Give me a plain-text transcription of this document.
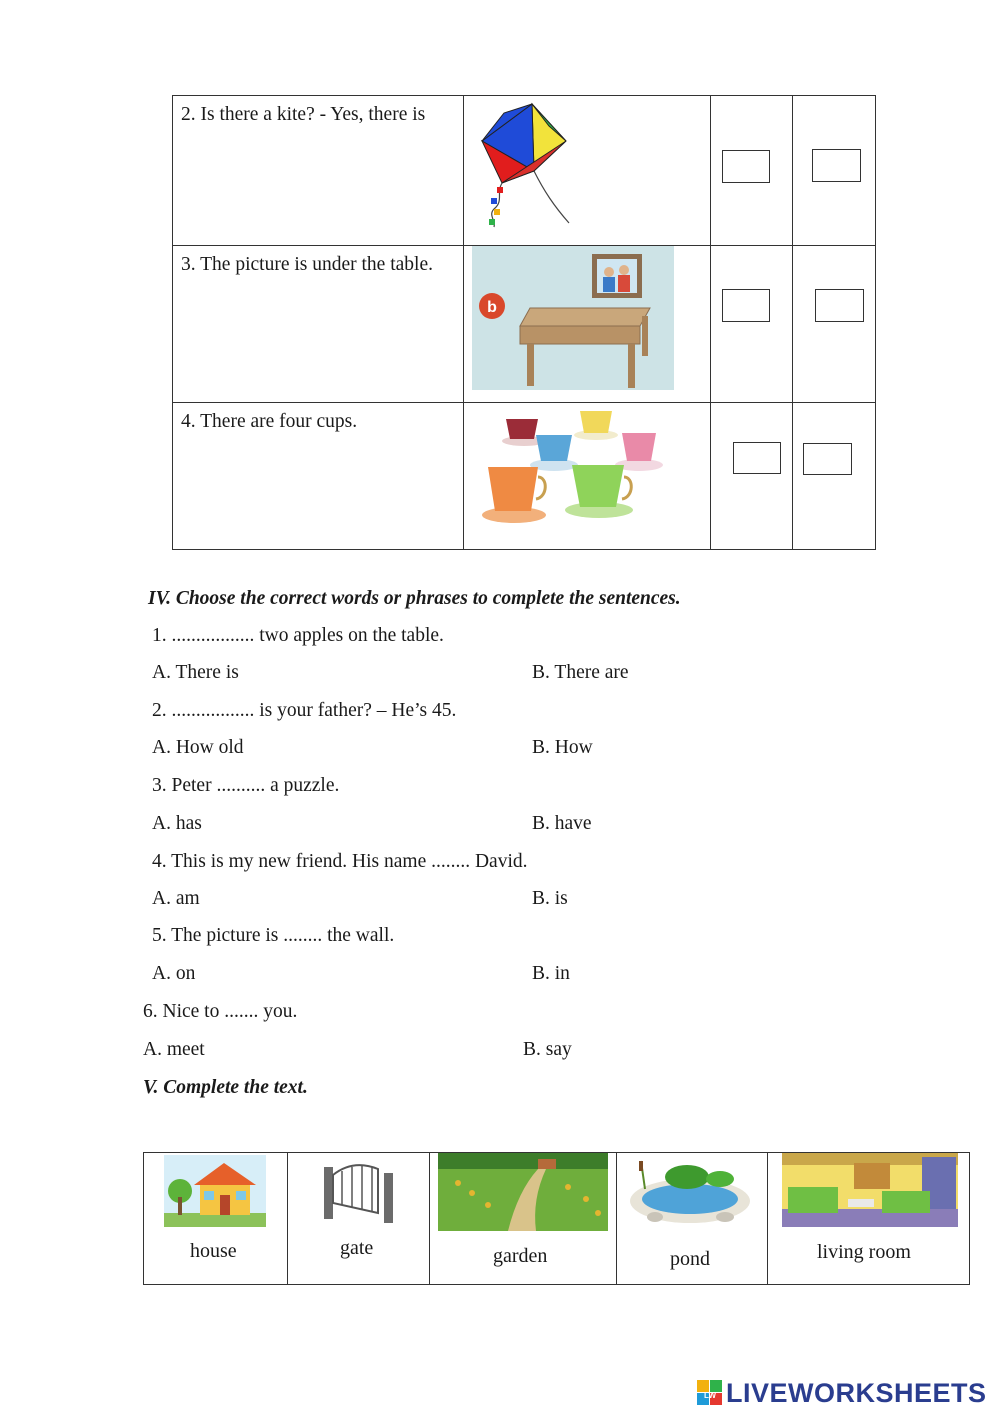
2. Is there a kite? - Yes, there is
3. The picture is under the table.
b
4. There are four cups.
IV. Choose the correct words or phrases to complete the sentences.
1. ................. two apples on the table.
A. There is	B. There are
2. ................. is your father? – He’s 45.
A. How old	B. How
3. Peter .......... a puzzle.
A. has	B. have
4. This is my new friend. His name ........ David.
A. am	B. is
5. The picture is ........ the wall.
A. on	B. in
6. Nice to ....... you.
A. meet	B. say
V. Complete the text.
house	gate	garden	pond	living room
LW LIVEWORKSHEETS
